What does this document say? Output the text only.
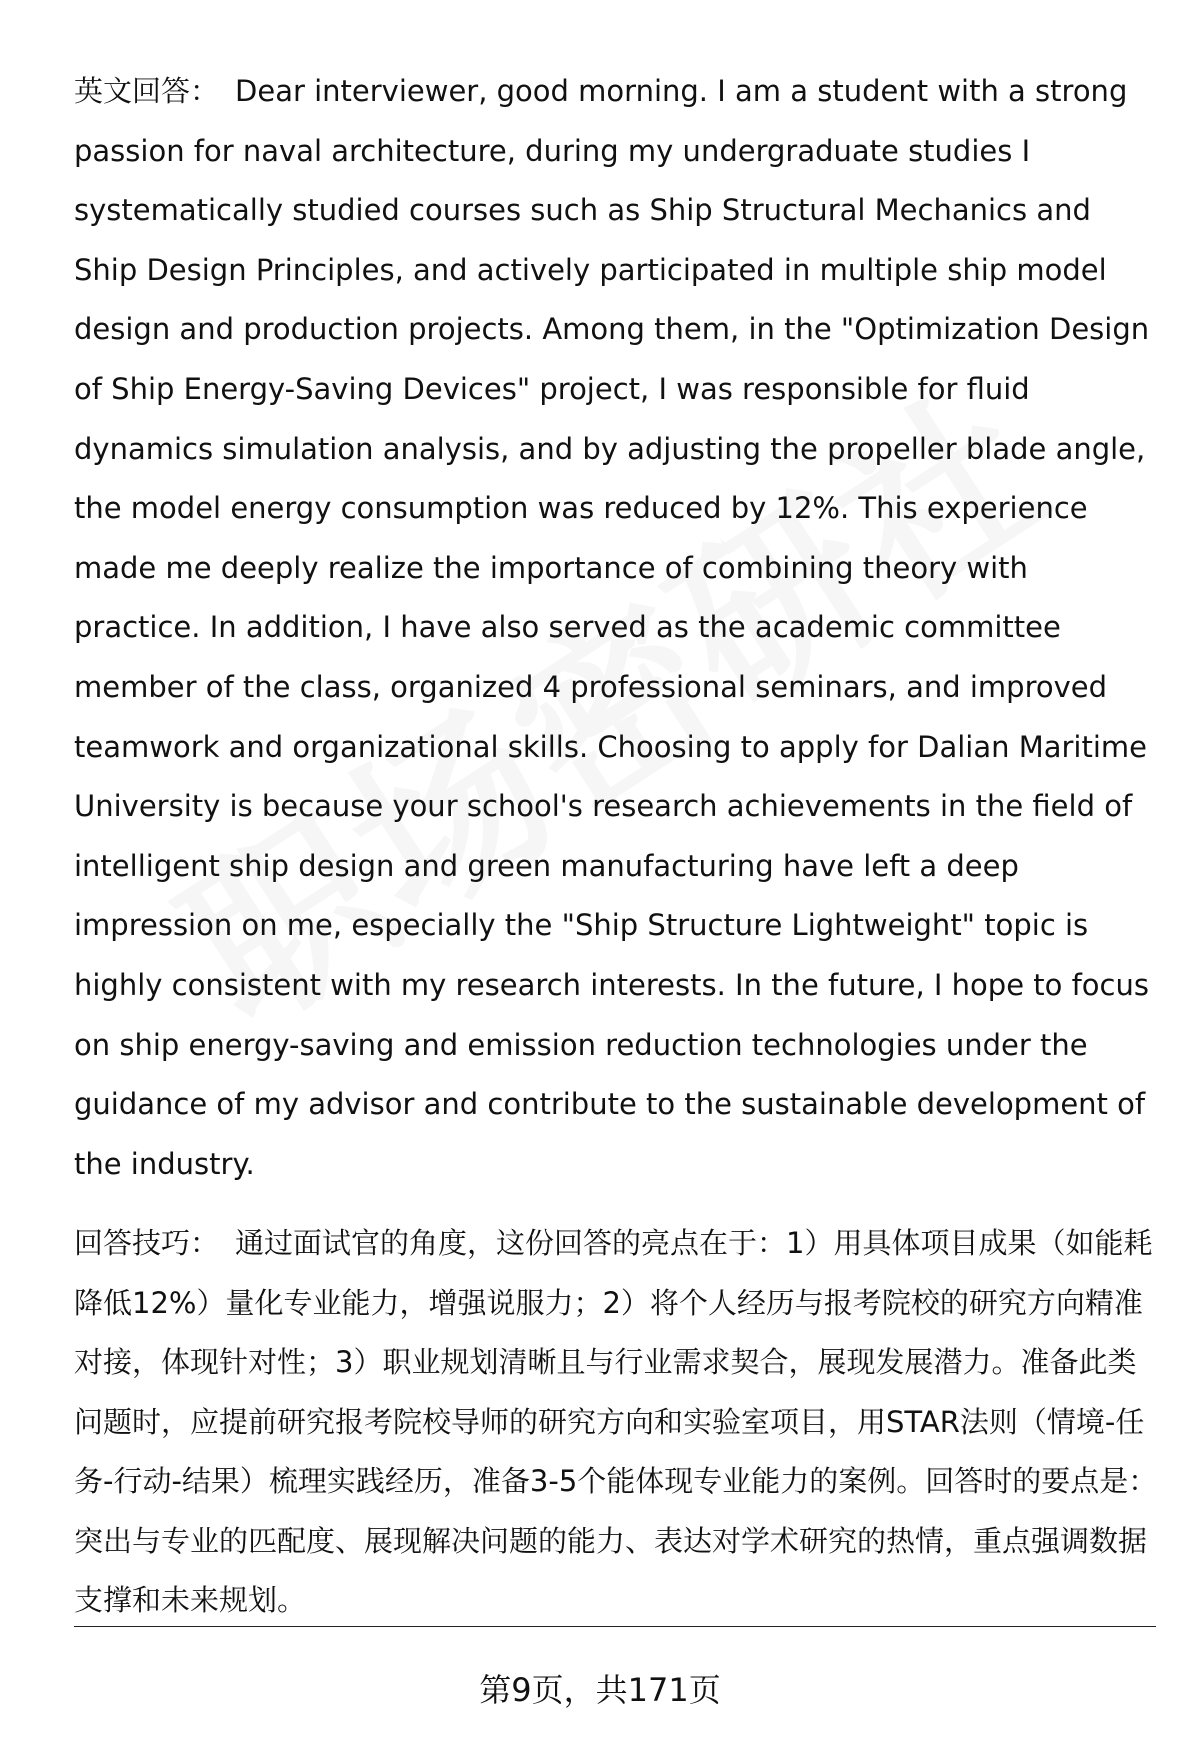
英文回答： Dear interviewer, good morning. I am a student with a strong passion for naval architecture, during my undergraduate studies I systematically studied courses such as Ship Structural Mechanics and Ship Design Principles, and actively participated in multiple ship model design and production projects. Among them, in the "Optimization Design of Ship Energy-Saving Devices" project, I was responsible for fluid dynamics simulation analysis, and by adjusting the propeller blade angle, the model energy consumption was reduced by 12%. This experience made me deeply realize the importance of combining theory with practice. In addition, I have also served as the academic committee member of the class, organized 4 professional seminars, and improved teamwork and organizational skills. Choosing to apply for Dalian Maritime University is because your school's research achievements in the field of intelligent ship design and green manufacturing have left a deep impression on me, especially the "Ship Structure Lightweight" topic is highly consistent with my research interests. In the future, I hope to focus on ship energy-saving and emission reduction technologies under the guidance of my advisor and contribute to the sustainable development of the industry.

回答技巧： 通过面试官的角度，这份回答的亮点在于：1）用具体项目成果（如能耗降低12%）量化专业能力，增强说服力；2）将个人经历与报考院校的研究方向精准对接，体现针对性；3）职业规划清晰且与行业需求契合，展现发展潜力。准备此类问题时，应提前研究报考院校导师的研究方向和实验室项目，用STAR法则（情境-任务-行动-结果）梳理实践经历，准备3-5个能体现专业能力的案例。回答时的要点是：突出与专业的匹配度、展现解决问题的能力、表达对学术研究的热情，重点强调数据支撑和未来规划。

第9页，共171页
